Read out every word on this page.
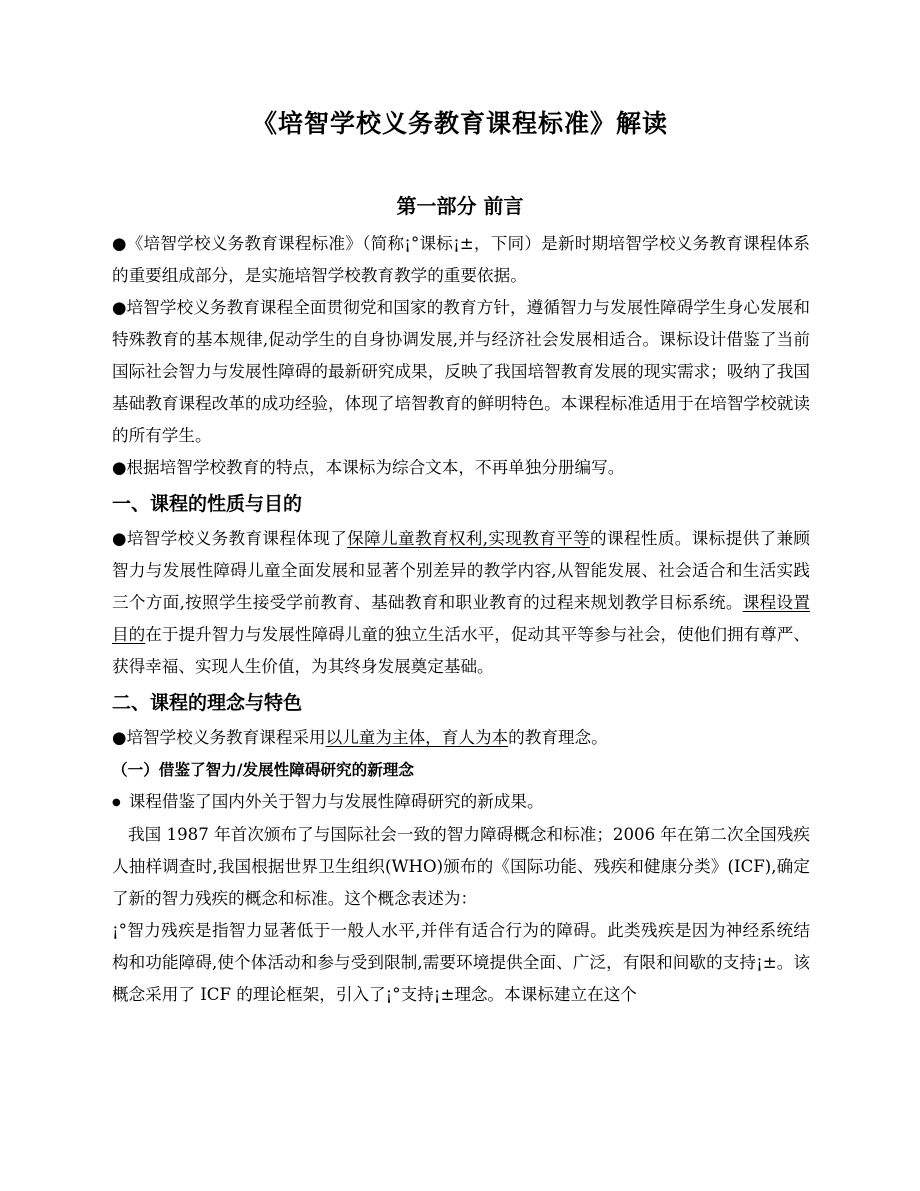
《培智学校义务教育课程标准》解读
第一部分 前言

●《培智学校义务教育课程标准》（简称¡°课标¡±，下同）是新时期培智学校义务教育课程体系的重要组成部分，是实施培智学校教育教学的重要依据。

●培智学校义务教育课程全面贯彻党和国家的教育方针，遵循智力与发展性障碍学生身心发展和特殊教育的基本规律,促动学生的自身协调发展,并与经济社会发展相适合。课标设计借鉴了当前国际社会智力与发展性障碍的最新研究成果，反映了我国培智教育发展的现实需求；吸纳了我国基础教育课程改革的成功经验，体现了培智教育的鲜明特色。本课程标准适用于在培智学校就读的所有学生。

●根据培智学校教育的特点，本课标为综合文本，不再单独分册编写。

一、课程的性质与目的

●培智学校义务教育课程体现了保障儿童教育权利,实现教育平等的课程性质。课标提供了兼顾智力与发展性障碍儿童全面发展和显著个别差异的教学内容,从智能发展、社会适合和生活实践三个方面,按照学生接受学前教育、基础教育和职业教育的过程来规划教学目标系统。课程设置目的在于提升智力与发展性障碍儿童的独立生活水平，促动其平等参与社会，使他们拥有尊严、获得幸福、实现人生价值，为其终身发展奠定基础。

二、课程的理念与特色

●培智学校义务教育课程采用以儿童为主体，育人为本的教育理念。

（一）借鉴了智力/发展性障碍研究的新理念

● 课程借鉴了国内外关于智力与发展性障碍研究的新成果。

我国 1987 年首次颁布了与国际社会一致的智力障碍概念和标准；2006 年在第二次全国残疾人抽样调查时,我国根据世界卫生组织(WHO)颁布的《国际功能、残疾和健康分类》(ICF),确定了新的智力残疾的概念和标准。这个概念表述为：

¡°智力残疾是指智力显著低于一般人水平,并伴有适合行为的障碍。此类残疾是因为神经系统结构和功能障碍,使个体活动和参与受到限制,需要环境提供全面、广泛，有限和间歇的支持¡±。该概念采用了 ICF 的理论框架，引入了¡°支持¡±理念。本课标建立在这个
